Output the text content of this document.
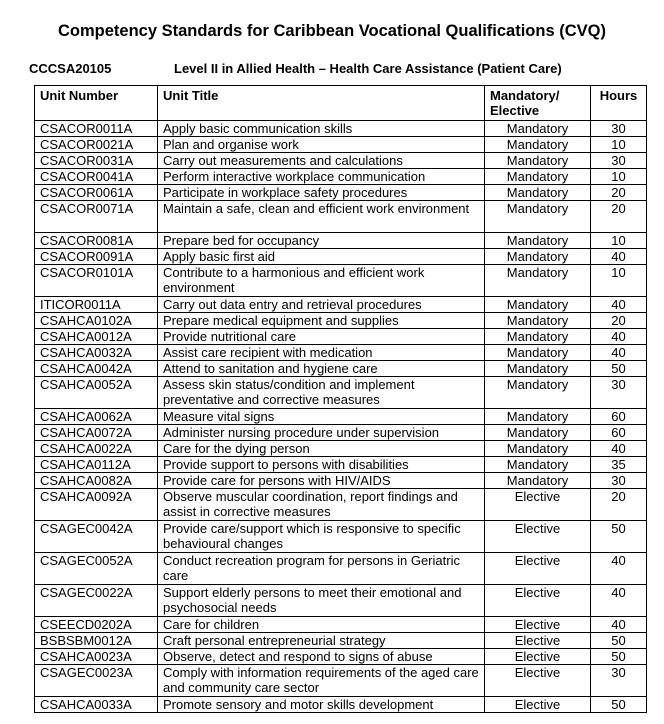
Competency Standards for Caribbean Vocational Qualifications (CVQ)
CCCSA20105	Level II in Allied Health – Health Care Assistance (Patient Care)
Unit Number	Unit Title	Mandatory/ Elective	Hours
CSACOR0011A	Apply basic communication skills	Mandatory	30
CSACOR0021A	Plan and organise work	Mandatory	10
CSACOR0031A	Carry out measurements and calculations	Mandatory	30
CSACOR0041A	Perform interactive workplace communication	Mandatory	10
CSACOR0061A	Participate in workplace safety procedures	Mandatory	20
CSACOR0071A	Maintain a safe, clean and efficient work environment	Mandatory	20
CSACOR0081A	Prepare bed for occupancy	Mandatory	10
CSACOR0091A	Apply basic first aid	Mandatory	40
CSACOR0101A	Contribute to a harmonious and efficient work environment	Mandatory	10
ITICOR0011A	Carry out data entry and retrieval procedures	Mandatory	40
CSAHCA0102A	Prepare medical equipment and supplies	Mandatory	20
CSAHCA0012A	Provide nutritional care	Mandatory	40
CSAHCA0032A	Assist care recipient with medication	Mandatory	40
CSAHCA0042A	Attend to sanitation and hygiene care	Mandatory	50
CSAHCA0052A	Assess skin status/condition and implement preventative and corrective measures	Mandatory	30
CSAHCA0062A	Measure vital signs	Mandatory	60
CSAHCA0072A	Administer nursing procedure under supervision	Mandatory	60
CSAHCA0022A	Care for the dying person	Mandatory	40
CSAHCA0112A	Provide support to persons with disabilities	Mandatory	35
CSAHCA0082A	Provide care for persons with HIV/AIDS	Mandatory	30
CSAHCA0092A	Observe muscular coordination, report findings and assist in corrective measures	Elective	20
CSAGEC0042A	Provide care/support which is responsive to specific behavioural changes	Elective	50
CSAGEC0052A	Conduct recreation program for persons in Geriatric care	Elective	40
CSAGEC0022A	Support elderly persons to meet their emotional and psychosocial needs	Elective	40
CSEECD0202A	Care for children	Elective	40
BSBSBM0012A	Craft personal entrepreneurial strategy	Elective	50
CSAHCA0023A	Observe, detect and respond to signs of abuse	Elective	50
CSAGEC0023A	Comply with information requirements of the aged care and community care sector	Elective	30
CSAHCA0033A	Promote sensory and motor skills development	Elective	50
